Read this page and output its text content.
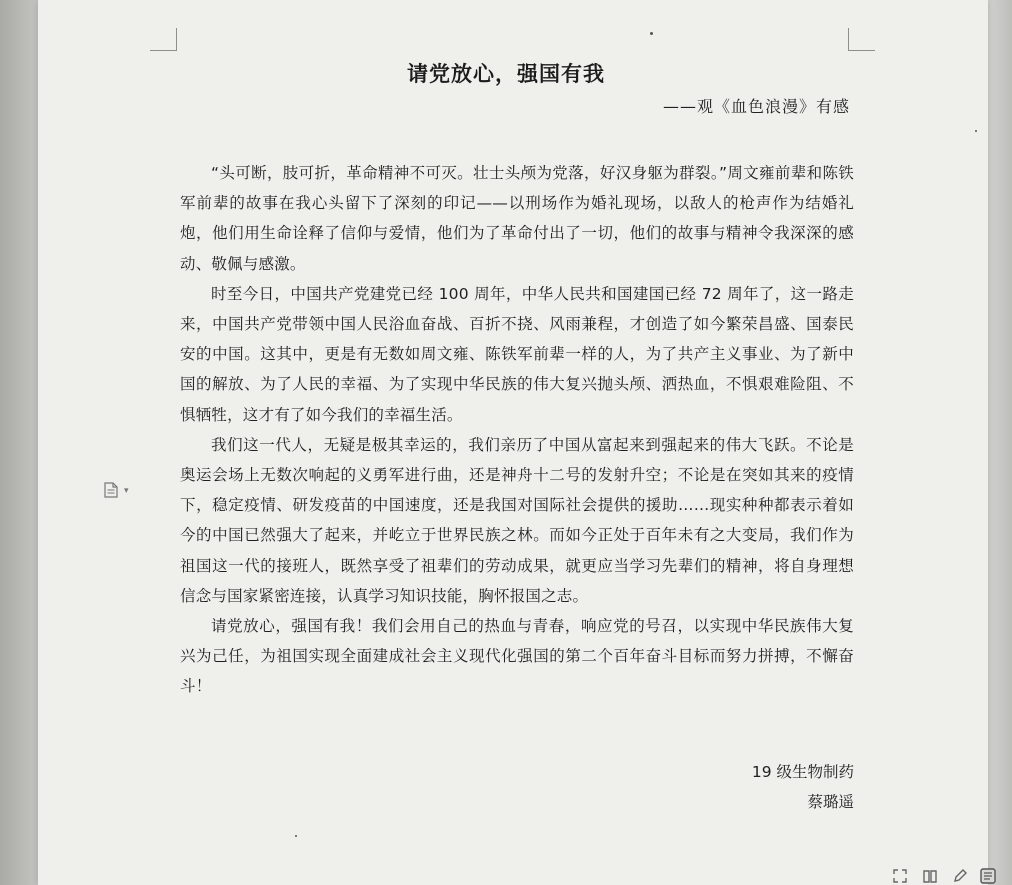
请党放心，强国有我
——观《血色浪漫》有感

“头可断，肢可折，革命精神不可灭。壮士头颅为党落，好汉身躯为群裂。”周文雍前辈和陈铁军前辈的故事在我心头留下了深刻的印记——以刑场作为婚礼现场，以敌人的枪声作为结婚礼炮，他们用生命诠释了信仰与爱情，他们为了革命付出了一切，他们的故事与精神令我深深的感动、敬佩与感激。

时至今日，中国共产党建党已经 100 周年，中华人民共和国建国已经 72 周年了，这一路走来，中国共产党带领中国人民浴血奋战、百折不挠、风雨兼程，才创造了如今繁荣昌盛、国泰民安的中国。这其中，更是有无数如周文雍、陈铁军前辈一样的人，为了共产主义事业、为了新中国的解放、为了人民的幸福、为了实现中华民族的伟大复兴抛头颅、洒热血，不惧艰难险阻、不惧牺牲，这才有了如今我们的幸福生活。

我们这一代人，无疑是极其幸运的，我们亲历了中国从富起来到强起来的伟大飞跃。不论是奥运会场上无数次响起的义勇军进行曲，还是神舟十二号的发射升空；不论是在突如其来的疫情下，稳定疫情、研发疫苗的中国速度，还是我国对国际社会提供的援助……现实种种都表示着如今的中国已然强大了起来，并屹立于世界民族之林。而如今正处于百年未有之大变局，我们作为祖国这一代的接班人，既然享受了祖辈们的劳动成果，就更应当学习先辈们的精神，将自身理想信念与国家紧密连接，认真学习知识技能，胸怀报国之志。

请党放心，强国有我！我们会用自己的热血与青春，响应党的号召，以实现中华民族伟大复兴为己任，为祖国实现全面建成社会主义现代化强国的第二个百年奋斗目标而努力拼搏，不懈奋斗！

19 级生物制药
蔡璐遥
▾
